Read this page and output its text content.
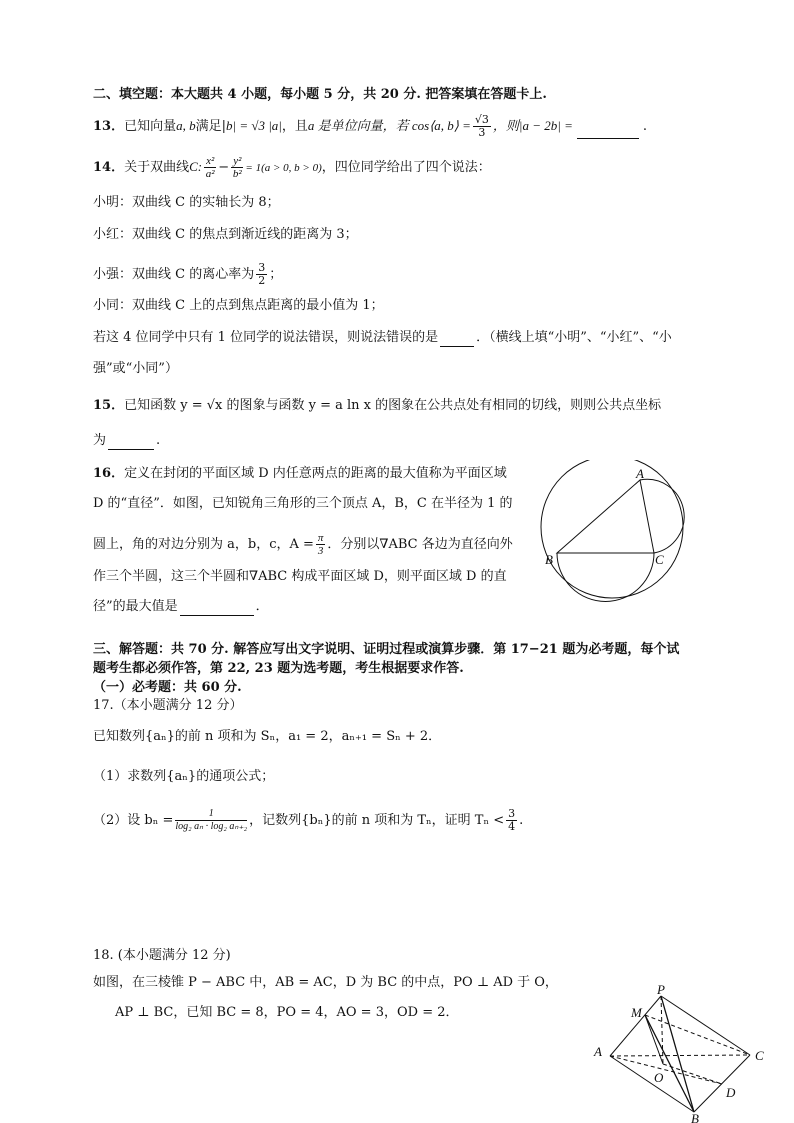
二、填空题：本大题共 4 小题，每小题 5 分，共 20 分. 把答案填在答题卡上.
13．已知向量a, b满足|b| = √3 |a|，且a 是单位向量，若 cos⟨a, b⟩ = $\frac{√3}{3}$ ，则|a − 2b| =	.
14．关于双曲线C: $\frac{\text{x²}}{\text{a²}} - \frac{\text{y²}}{\text{b²}} = 1(a > 0$, b > 0)，四位同学给出了四个说法：
小明：双曲线 C 的实轴长为 8；
小红：双曲线 C 的焦点到渐近线的距离为 3；
小强：双曲线 C 的离心率为 $\frac{3}{2}$ ；
小同：双曲线 C 上的点到焦点距离的最小值为 1；
若这 4 位同学中只有 1 位同学的说法错误，则说法错误的是	．（横线上填“小明”、“小红”、“小
强”或“小同”）
15．已知函数 y = √x 的图象与函数 y = a ln x 的图象在公共点处有相同的切线，则则公共点坐标
为	.
16．定义在封闭的平面区域 D 内任意两点的距离的最大值称为平面区域
D 的“直径”．如图，已知锐角三角形的三个顶点 A，B，C 在半径为 1 的
圆上，角的对边分别为 a，b，c，$A = \frac{\pi}{3}$ ．分别以∇ABC 各边为直径向外
作三个半圆，这三个半圆和∇ABC 构成平面区域 D，则平面区域 D 的直
径”的最大值是	．
A
B	C
三、解答题：共 70 分. 解答应写出文字说明、证明过程或演算步骤．第 17−21 题为必考题，每个试
题考生都必须作答，第 22, 23 题为选考题，考生根据要求作答.
（一）必考题：共 60 分.
17.（本小题满分 12 分）
已知数列{aₙ}的前 n 项和为 Sₙ，a₁ = 2，aₙ₊₁ = Sₙ + 2．
（1）求数列{aₙ}的通项公式；
（2）设 $b_n = \frac{1}{\text{log₂ aₙ · log₂ aₙ₊₂}}$ ，记数列{bₙ}的前 n 项和为 Tₙ，证明 $T_n < \frac{3}{4}$ .
18. (本小题满分 12 分)
如图，在三棱锥 P − ABC 中，AB = AC，D 为 BC 的中点，PO ⊥ AD 于 O，
AP ⊥ BC，已知 BC = 8，PO = 4，AO = 3，OD = 2．
P
M
A
O
C
D
B
